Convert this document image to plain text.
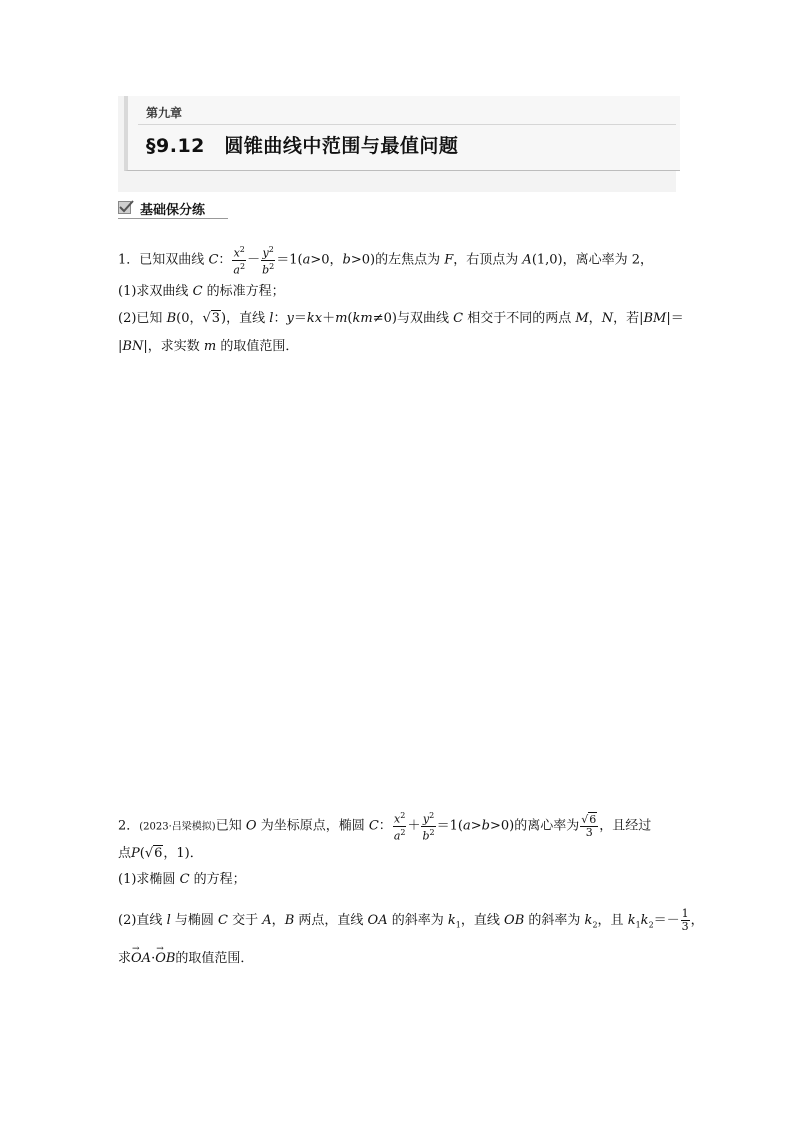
第九章
§9.12　圆锥曲线中范围与最值问题
基础保分练
1．已知双曲线 C： $\frac{x^2}{a^2} - \frac{y^2}{b^2} =1(a>0$，b>0)的左焦点为 F，右顶点为 A(1,0)，离心率为 2，
(1)求双曲线 C 的标准方程；
(2)已知 B(0，√3)，直线 l：y＝kx＋m(km≠0)与双曲线 C 相交于不同的两点 M，N，若|BM|＝
|BN|，求实数 m 的取值范围．
2．(2023·吕梁模拟)已知 O 为坐标原点，椭圆 C： $\frac{x^2}{a^2} + \frac{y^2}{b^2} =1(a>b>0)$的离心率为 $\frac{√6}{3}$ ，且经过
点P(√6，1)．
(1)求椭圆 C 的方程；
(2)直线 l 与椭圆 C 交于 A，B 两点，直线 OA 的斜率为 $k_1$，直线 OB 的斜率为 $k_2$，且 $k_1k_2=- \frac{1}{3}$ ，
求→ OA·→ OB的取值范围．
